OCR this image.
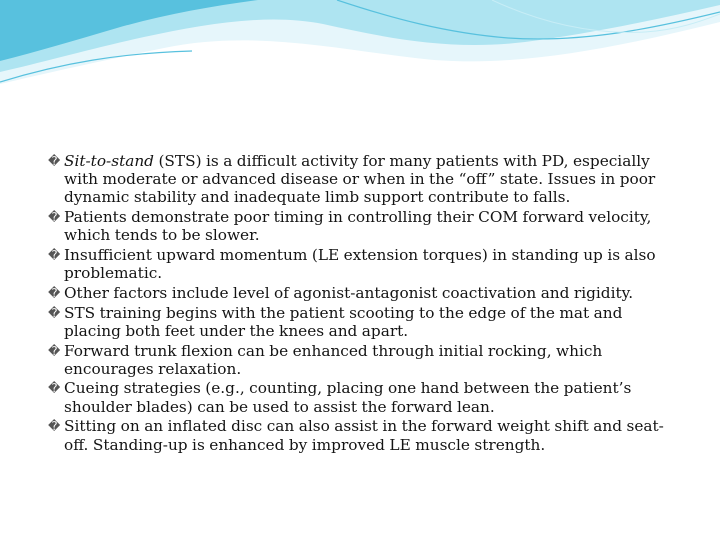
� Sit-to-stand (STS) is a difficult activity for many patients with PD, especially with moderate or advanced disease or when in the “off” state. Issues in poor dynamic stability and inadequate limb support contribute to falls.
� Patients demonstrate poor timing in controlling their COM forward velocity, which tends to be slower.
� Insufficient upward momentum (LE extension torques) in standing up is also problematic.
� Other factors include level of agonist-antagonist coactivation and rigidity.
� STS training begins with the patient scooting to the edge of the mat and placing both feet under the knees and apart.
� Forward trunk flexion can be enhanced through initial rocking, which encourages relaxation.
� Cueing strategies (e.g., counting, placing one hand between the patient’s shoulder blades) can be used to assist the forward lean.
� Sitting on an inflated disc can also assist in the forward weight shift and seat-off. Standing-up is enhanced by improved LE muscle strength.
